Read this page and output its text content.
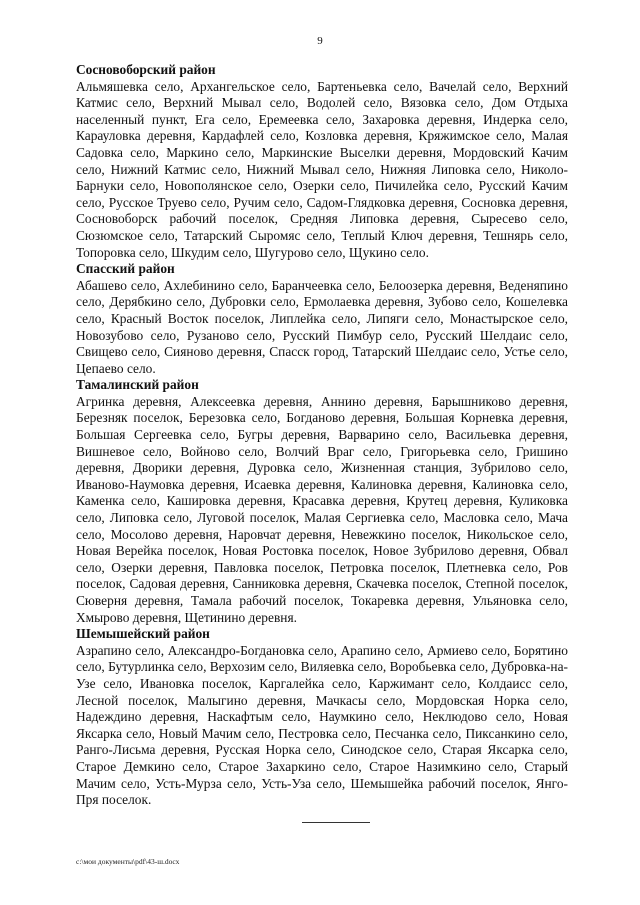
9

Сосновоборский район

Альмяшевка село, Архангельское село, Бартеньевка село, Вачелай село, Верхний Катмис село, Верхний Мывал село, Водолей село, Вязовка село, Дом Отдыха населенный пункт, Ега село, Еремеевка село, Захаровка деревня, Индерка село, Карауловка деревня, Кардафлей село, Козловка деревня, Кряжимское село, Малая Садовка село, Маркино село, Маркинские Выселки деревня, Мордовский Качим село, Нижний Катмис село, Нижний Мывал село, Нижняя Липовка село, Николо-Барнуки село, Новополянское село, Озерки село, Пичилейка село, Русский Качим село, Русское Труево село, Ручим село, Садом-Глядковка деревня, Сосновка деревня, Сосновоборск рабочий поселок, Средняя Липовка деревня, Сыресево село, Сюзюмское село, Татарский Сыромяс село, Теплый Ключ деревня, Тешнярь село, Топоровка село, Шкудим село, Шугурово село, Щукино село.

Спасский район

Абашево село, Ахлебинино село, Баранчеевка село, Белоозерка деревня, Веденяпино село, Дерябкино село, Дубровки село, Ермолаевка деревня, Зубово село, Кошелевка село, Красный Восток поселок, Липлейка село, Липяги село, Монастырское село, Новозубово село, Рузаново село, Русский Пимбур село, Русский Шелдаис село, Свищево село, Сияново деревня, Спасск город, Татарский Шелдаис село, Устье село, Цепаево село.

Тамалинский район

Агринка деревня, Алексеевка деревня, Аннино деревня, Барышниково деревня, Березняк поселок, Березовка село, Богданово деревня, Большая Корневка деревня, Большая Сергеевка село, Бугры деревня, Варварино село, Васильевка деревня, Вишневое село, Войново село, Волчий Враг село, Григорьевка село, Гришино деревня, Дворики деревня, Дуровка село, Жизненная станция, Зубрилово село, Иваново-Наумовка деревня, Исаевка деревня, Калиновка деревня, Калиновка село, Каменка село, Кашировка деревня, Красавка деревня, Крутец деревня, Куликовка село, Липовка село, Луговой поселок, Малая Сергиевка село, Масловка село, Мача село, Мосолово деревня, Наровчат деревня, Невежкино поселок, Никольское село, Новая Верейка поселок, Новая Ростовка поселок, Новое Зубрилово деревня, Обвал село, Озерки деревня, Павловка поселок, Петровка поселок, Плетневка село, Ров поселок, Садовая деревня, Санниковка деревня, Скачевка поселок, Степной поселок, Сюверня деревня, Тамала рабочий поселок, Токаревка деревня, Ульяновка село, Хмырово деревня, Щетинино деревня.

Шемышейский район

Азрапино село, Александро-Богдановка село, Арапино село, Армиево село, Борятино село, Бутурлинка село, Верхозим село, Виляевка село, Воробьевка село, Дубровка-на-Узе село, Ивановка поселок, Каргалейка село, Каржимант село, Колдаисс село, Лесной поселок, Малыгино деревня, Мачкасы село, Мордовская Норка село, Надеждино деревня, Наскафтым село, Наумкино село, Неклюдово село, Новая Яксарка село, Новый Мачим село, Пестровка село, Песчанка село, Пиксанкино село, Ранго-Лисьма деревня, Русская Норка село, Синодское село, Старая Яксарка село, Старое Демкино село, Старое Захаркино село, Старое Назимкино село, Старый Мачим село, Усть-Мурза село, Усть-Уза село, Шемышейка рабочий поселок, Янго-Пря поселок.

c:\мои документы\pdf\43-ш.docx
